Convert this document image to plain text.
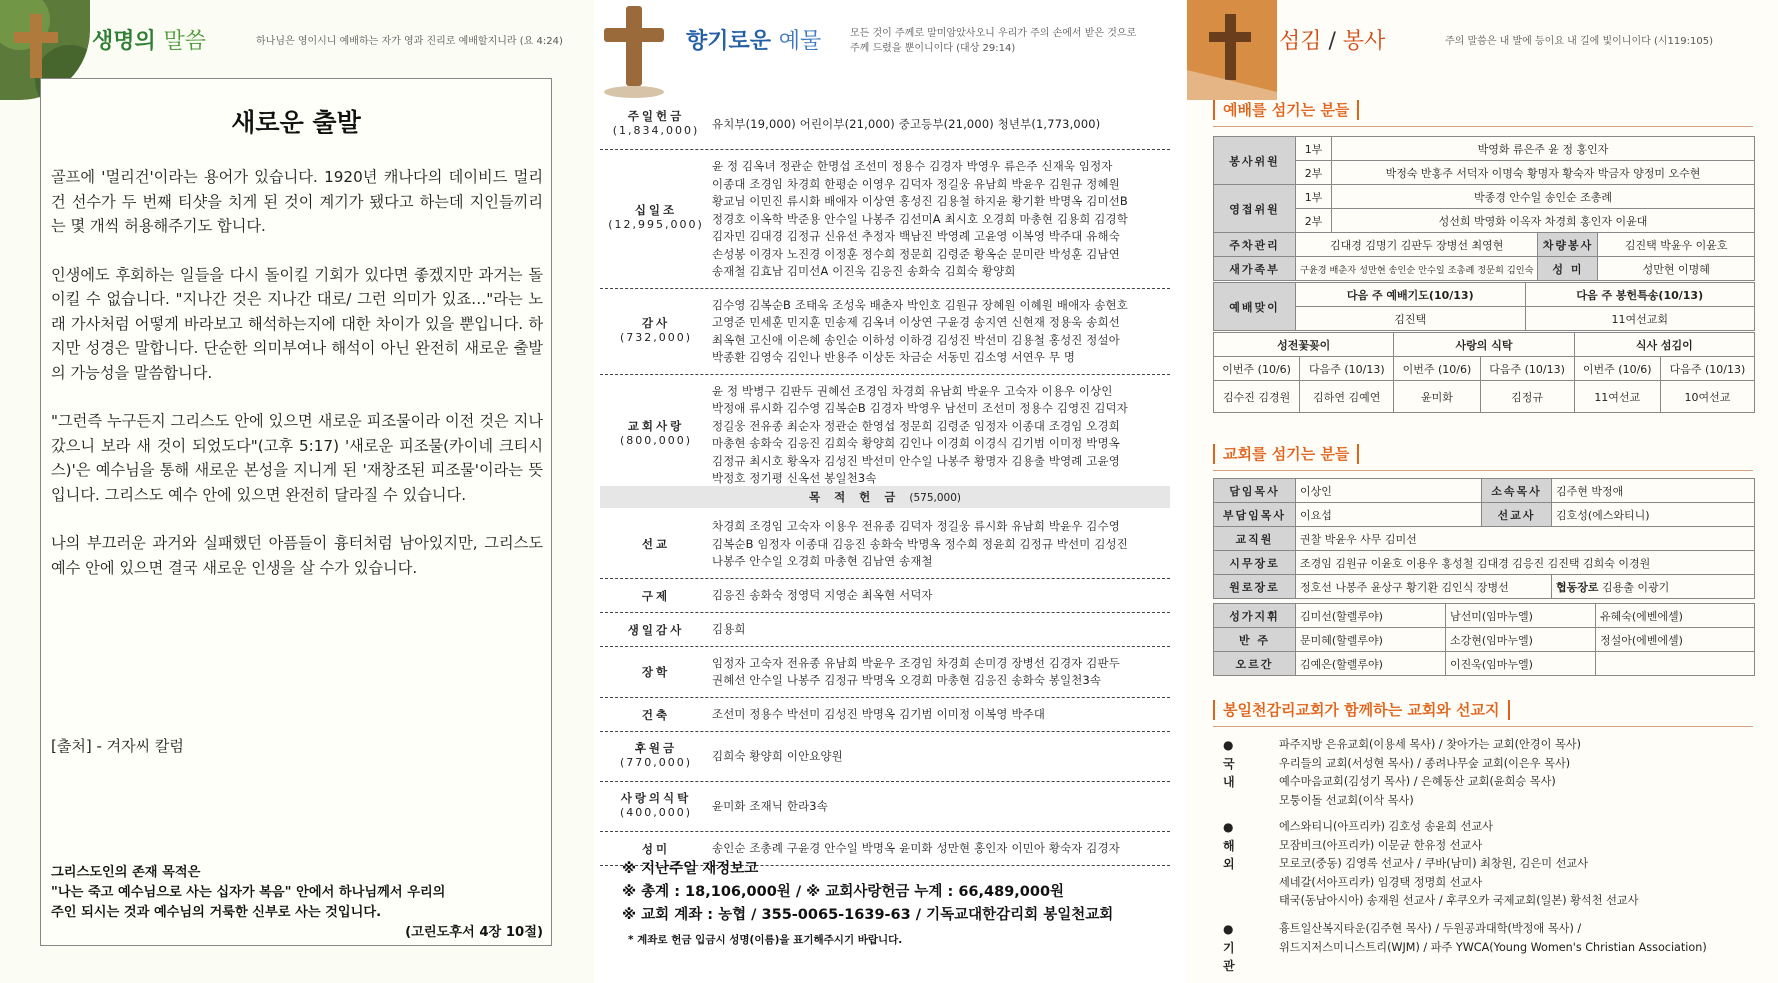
생명의 말씀	하나님은 영이시니 예배하는 자가 영과 진리로 예배할지니라 (요 4:24)
새로운 출발

골프에 '멀리건'이라는 용어가 있습니다. 1920년 캐나다의 데이비드 멀리건 선수가 두 번째 티샷을 치게 된 것이 계기가 됐다고 하는데 지인들끼리는 몇 개씩 허용해주기도 합니다.

인생에도 후회하는 일들을 다시 돌이킬 기회가 있다면 좋겠지만 과거는 돌이킬 수 없습니다. "지나간 것은 지나간 대로/ 그런 의미가 있죠…"라는 노래 가사처럼 어떻게 바라보고 해석하는지에 대한 차이가 있을 뿐입니다. 하지만 성경은 말합니다. 단순한 의미부여나 해석이 아닌 완전히 새로운 출발의 가능성을 말씀합니다.

"그런즉 누구든지 그리스도 안에 있으면 새로운 피조물이라 이전 것은 지나갔으니 보라 새 것이 되었도다"(고후 5:17) '새로운 피조물(카이네 크티시스)'은 예수님을 통해 새로운 본성을 지니게 된 '재창조된 피조물'이라는 뜻입니다. 그리스도 예수 안에 있으면 완전히 달라질 수 있습니다.

나의 부끄러운 과거와 실패했던 아픔들이 흉터처럼 남아있지만, 그리스도 예수 안에 있으면 결국 새로운 인생을 살 수가 있습니다.

[출처] - 겨자씨 칼럼
그리스도인의 존재 목적은
"나는 죽고 예수님으로 사는 십자가 복음" 안에서 하나님께서 우리의
주인 되시는 것과 예수님의 거룩한 신부로 사는 것입니다.
(고린도후서 4장 10절)
향기로운 예물	모든 것이 주께로 말미암았사오니 우리가 주의 손에서 받은 것으로
주께 드렸을 뿐이니이다 (대상 29:14)
주일헌금
(1,834,000)	유치부(19,000) 어린이부(21,000) 중고등부(21,000) 청년부(1,773,000)
십일조
(12,995,000)
윤 정 김옥녀 정관순 한명섭 조선미 정용수 김경자 박영우 류은주 신재욱 임정자
이종대 조경임 차경희 한평순 이영우 김덕자 정길웅 유남희 박윤우 김원규 정혜원
황교님 이민진 류시화 배애자 이상연 홍성진 김용철 하지윤 황기환 박명옥 김미선B
정경호 이옥학 박준용 안수일 나봉주 김선미A 최시호 오경희 마총현 김용희 김경학
김자민 김대경 김정규 신유선 추정자 백남진 박영례 고윤영 이복영 박주대 유해숙
손성봉 이경자 노진경 이정훈 정수희 정문희 김령준 황옥순 문미란 박성훈 김남연
송재철 김효남 김미선A 이진욱 김응진 송화숙 김희숙 황양희
감사
(732,000)
김수영 김복순B 조태욱 조성욱 배춘자 박인호 김원규 장혜원 이혜원 배애자 송현호
고영준 민세훈 민지훈 민송제 김옥녀 이상연 구윤경 송지연 신현재 정용욱 송희선
최옥현 고신애 이은혜 송인순 이하성 이하경 김성진 박선미 김용철 홍성진 정설아
박종환 김영숙 김인나 반용주 이상돈 차금순 서동민 김소영 서연우 무 명
교회사랑
(800,000)
윤 정 박병구 김판두 권혜선 조경임 차경희 유남희 박윤우 고숙자 이용우 이상인
박정애 류시화 김수영 김복순B 김경자 박영우 남선미 조선미 정용수 김영진 김덕자
정길웅 전유종 최순자 정관순 한영섭 정문희 김령준 임정자 이종대 조경임 오경희
마총현 송화숙 김응진 김희숙 황양희 김인나 이경희 이경식 김기범 이미정 박명옥
김정규 최시호 황옥자 김성진 박선미 안수일 나봉주 황명자 김용출 박영례 고윤영
박정호 정기평 신옥선 봉일천3속
선교
차경희 조경임 고숙자 이용우 전유종 김덕자 정길웅 류시화 유남희 박윤우 김수영
김복순B 임정자 이종대 김응진 송화숙 박명옥 정수희 정윤희 김정규 박선미 김성진
나봉주 안수일 오경희 마총현 김남연 송재철
구제	김응진 송화숙 정영덕 지영순 최옥현 서덕자
생일감사	김용희
장학
임정자 고숙자 전유종 유남희 박윤우 조경임 차경희 손미경 장병선 김경자 김판두
권혜선 안수일 나봉주 김정규 박명옥 오경희 마총현 김응진 송화숙 봉일천3속
건축	조선미 정용수 박선미 김성진 박명옥 김기범 이미정 이복영 박주대
후원금
(770,000)	김희숙 황양희 이안요양원
사랑의식탁
(400,000)	윤미화 조재닉 한라3속
성미	송인순 조총례 구윤경 안수일 박명옥 윤미화 성만현 홍인자 이민아 황숙자 김경자
목적헌금(575,000)
※ 지난주일 재정보고
※ 총계 : 18,106,000원 / ※ 교회사랑헌금 누계 : 66,489,000원
※ 교회 계좌 : 농협 / 355-0065-1639-63 / 기독교대한감리회 봉일천교회
* 계좌로 헌금 입금시 성명(이름)을 표기해주시기 바랍니다.
섬김 / 봉사	주의 말씀은 내 발에 등이요 내 길에 빛이니이다 (시119:105)
예배를 섬기는 분들
봉사위원	1부	박영화 류은주 윤 정 홍인자
	2부	박정숙 반홍주 서덕자 이명숙 황명자 황숙자 박금자 양정미 오수현
영접위원	1부	박종경 안수일 송인순 조총례
	2부	성선희 박영화 이옥자 차경희 홍인자 이윤대
주차관리	김대경 김명기 김판두 장병선 최영현	차량봉사	김진택 박윤우 이윤호
새가족부	구윤경 배춘자 성만현 송인순 안수일 조총례 정문희 김인숙	성 미	성만현 이명혜
예배맞이	다음 주 예배기도(10/13)	다음 주 봉헌특송(10/13)
	김진택	11여선교회
성전꽃꽂이		사랑의 식탁		식사 섬김이	
이번주 (10/6)	다음주 (10/13)	이번주 (10/6)	다음주 (10/13)	이번주 (10/6)	다음주 (10/13)
김수진 김경원	김하연 김예연	윤미화	김정규	11여선교	10여선교
교회를 섬기는 분들
담임목사	이상인	소속목사	김주현 박정애
부담임목사	이요섭	선교사	김호성(에스와티니)
교직원	권찰 박윤우 사무 김미선		
시무장로	조경임 김원규 이윤호 이용우 홍성철 김대경 김응진 김진택 김희숙 이경원		
원로장로	정호선 나봉주 윤상구 황기환 김인식 장병선		협동장로 김용출 이광기
성가지휘	김미선(할렐루야)	남선미(임마누엘)	유혜숙(에벤에셀)
반 주	문미혜(할렐루야)	소강현(임마누엘)	정설아(에벤에셀)
오르간	김예은(할렐루야)	이진욱(임마누엘)	
봉일천감리교회가 함께하는 교회와 선교지
●국내
파주지방 은유교회(이용세 목사) / 찾아가는 교회(안경이 목사)
우리들의 교회(서성현 목사) / 종려나무숲 교회(이은우 목사)
예수마음교회(김성기 목사) / 은혜동산 교회(윤희승 목사)
모퉁이돌 선교회(이삭 목사)
●해외
에스와티니(아프리카) 김호성 송윤희 선교사
모잠비크(아프리카) 이문균 한유정 선교사
모로코(중동) 김영록 선교사 / 쿠바(남미) 최창원, 김은미 선교사
세네갈(서아프리카) 임경택 정명희 선교사
태국(동남아시아) 송재원 선교사 / 후쿠오카 국제교회(일본) 황석천 선교사
●기관
흉트일산복지타운(김주현 목사) / 두원공과대학(박정애 목사) /
위드지저스미니스트리(WJM) / 파주 YWCA(Young Women's Christian Association)
